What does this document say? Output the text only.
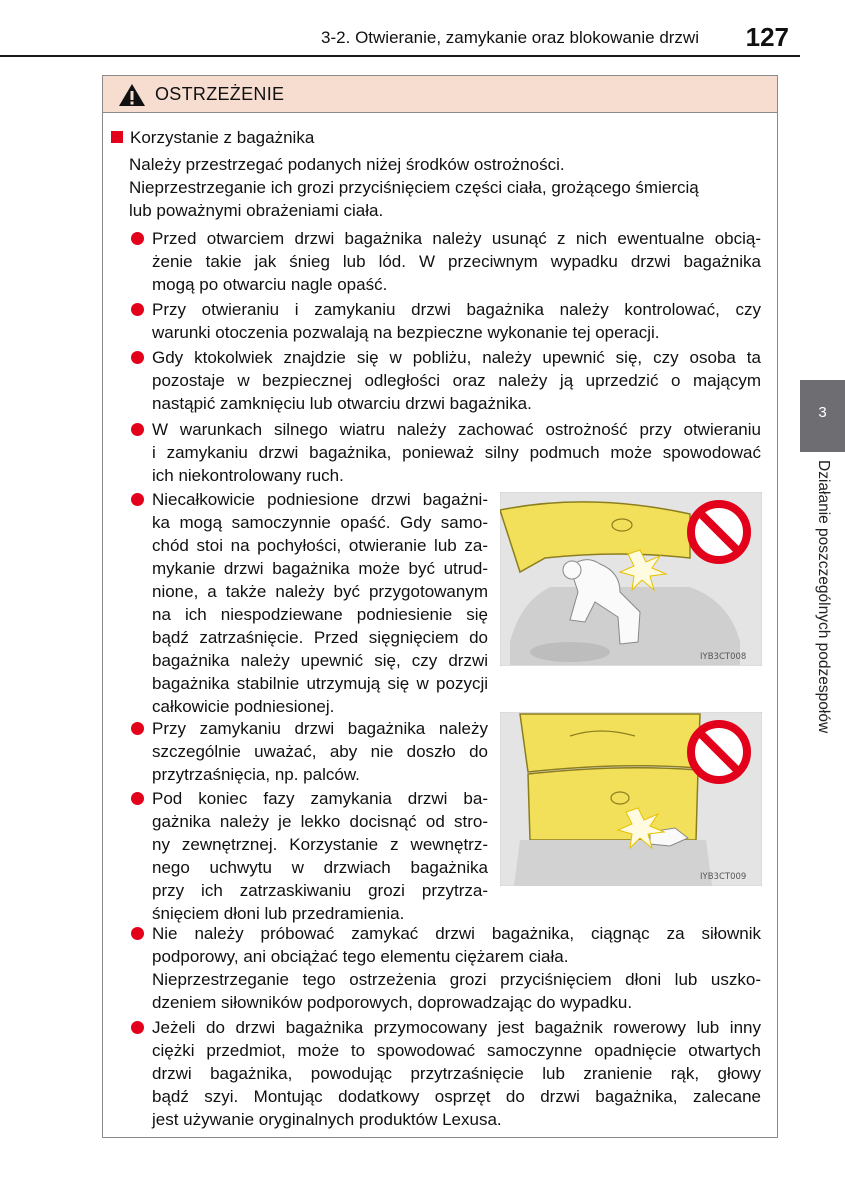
3-2. Otwieranie, zamykanie oraz blokowanie drzwi 127
3
Działanie poszczególnych podzespołów
OSTRZEŻENIE
Korzystanie z bagażnika

Należy przestrzegać podanych niżej środków ostrożności.

Nieprzestrzeganie ich grozi przyciśnięciem części ciała, grożącego śmiercią

lub poważnymi obrażeniami ciała.

Przed otwarciem drzwi bagażnika należy usunąć z nich ewentualne obcią-
żenie takie jak śnieg lub lód. W przeciwnym wypadku drzwi bagażnika
mogą po otwarciu nagle opaść.
Przy otwieraniu i zamykaniu drzwi bagażnika należy kontrolować, czy
warunki otoczenia pozwalają na bezpieczne wykonanie tej operacji.
Gdy ktokolwiek znajdzie się w pobliżu, należy upewnić się, czy osoba ta
pozostaje w bezpiecznej odległości oraz należy ją uprzedzić o mającym
nastąpić zamknięciu lub otwarciu drzwi bagażnika.
W warunkach silnego wiatru należy zachować ostrożność przy otwieraniu
i zamykaniu drzwi bagażnika, ponieważ silny podmuch może spowodować
ich niekontrolowany ruch.
Niecałkowicie podniesione drzwi bagażni-
ka mogą samoczynnie opaść. Gdy samo-
chód stoi na pochyłości, otwieranie lub za-
mykanie drzwi bagażnika może być utrud-
nione, a także należy być przygotowanym
na ich niespodziewane podniesienie się
bądź zatrzaśnięcie. Przed sięgnięciem do
bagażnika należy upewnić się, czy drzwi
bagażnika stabilnie utrzymują się w pozycji
całkowicie podniesionej.
Przy zamykaniu drzwi bagażnika należy
szczególnie uważać, aby nie doszło do
przytrzaśnięcia, np. palców.
Pod koniec fazy zamykania drzwi ba-
gażnika należy je lekko docisnąć od stro-
ny zewnętrznej. Korzystanie z wewnętrz-
nego uchwytu w drzwiach bagażnika
przy ich zatrzaskiwaniu grozi przytrza-
śnięciem dłoni lub przedramienia.
Nie należy próbować zamykać drzwi bagażnika, ciągnąc za siłownik
podporowy, ani obciążać tego elementu ciężarem ciała.
Nieprzestrzeganie tego ostrzeżenia grozi przyciśnięciem dłoni lub uszko-
dzeniem siłowników podporowych, doprowadzając do wypadku.
Jeżeli do drzwi bagażnika przymocowany jest bagażnik rowerowy lub inny
ciężki przedmiot, może to spowodować samoczynne opadnięcie otwartych
drzwi bagażnika, powodując przytrzaśnięcie lub zranienie rąk, głowy
bądź szyi. Montując dodatkowy osprzęt do drzwi bagażnika, zalecane
jest używanie oryginalnych produktów Lexusa.
IYB3CT008
IYB3CT009
